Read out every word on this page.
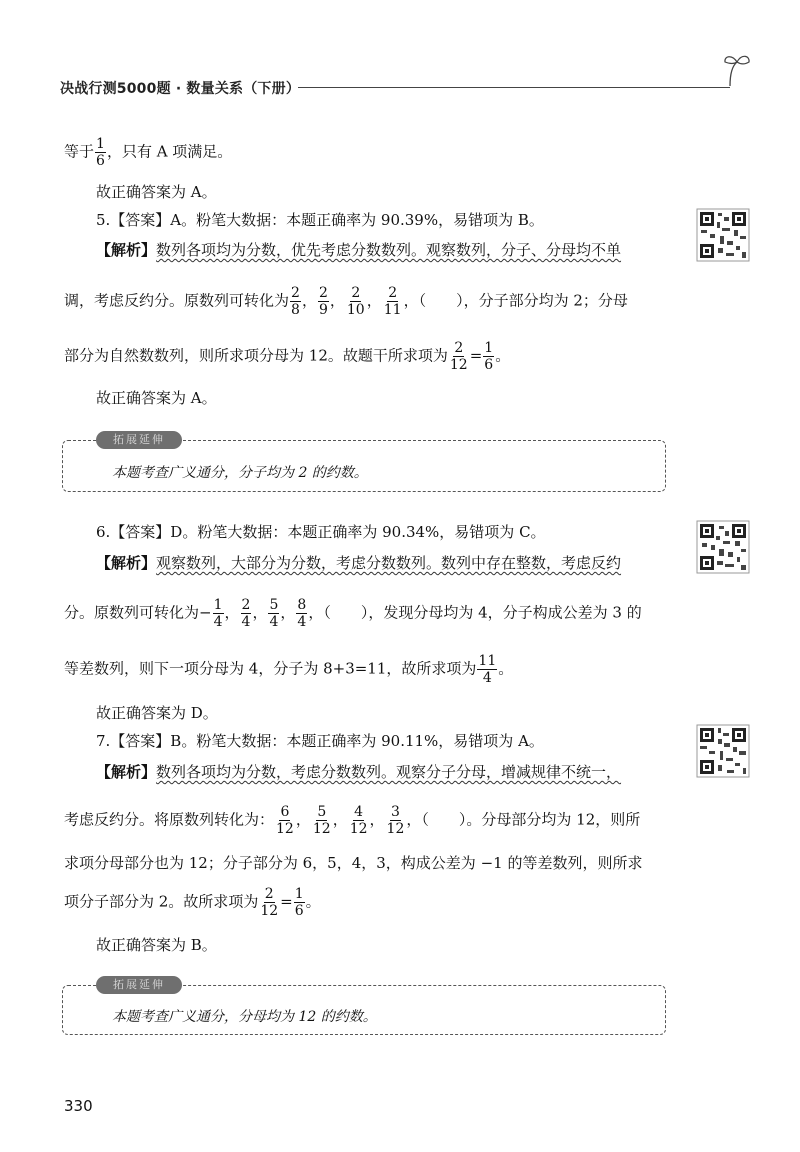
决战行测5000题 · 数量关系（下册）
等于 $\frac{1}{6}$ ，只有 A 项满足。
故正确答案为 A。
5.【答案】A。粉笔大数据：本题正确率为 90.39%，易错项为 B。
【解析】数列各项均为分数，优先考虑分数数列。观察数列，分子、分母均不单
调，考虑反约分。原数列可转化为 $\frac{2}{8}$ ， $\frac{2}{9}$ ， $\frac{2}{10}$ ， $\frac{2}{11}$ ，（　　），分子部分均为 2；分母
部分为自然数数列，则所求项分母为 12。故题干所求项为 $\frac{2}{12} = \frac{1}{6}$ 。
故正确答案为 A。
拓展延伸
本题考查广义通分，分子均为 2 的约数。
6.【答案】D。粉笔大数据：本题正确率为 90.34%，易错项为 C。
【解析】观察数列，大部分为分数，考虑分数数列。数列中存在整数，考虑反约
分。原数列可转化为− $\frac{1}{4}$ ， $\frac{2}{4}$ ， $\frac{5}{4}$ ， $\frac{8}{4}$ ，（　　），发现分母均为 4，分子构成公差为 3 的
等差数列，则下一项分母为 4，分子为 8+3=11，故所求项为 $\frac{11}{4}$ 。
故正确答案为 D。
7.【答案】B。粉笔大数据：本题正确率为 90.11%，易错项为 A。
【解析】数列各项均为分数，考虑分数数列。观察分子分母，增减规律不统一，
考虑反约分。将原数列转化为： $\frac{6}{12}$ ， $\frac{5}{12}$ ， $\frac{4}{12}$ ， $\frac{3}{12}$ ，（　　）。分母部分均为 12，则所
求项分母部分也为 12；分子部分为 6，5，4，3，构成公差为 −1 的等差数列，则所求
项分子部分为 2。故所求项为 $\frac{2}{12} = \frac{1}{6}$ 。
故正确答案为 B。
拓展延伸
本题考查广义通分，分母均为 12 的约数。
330
